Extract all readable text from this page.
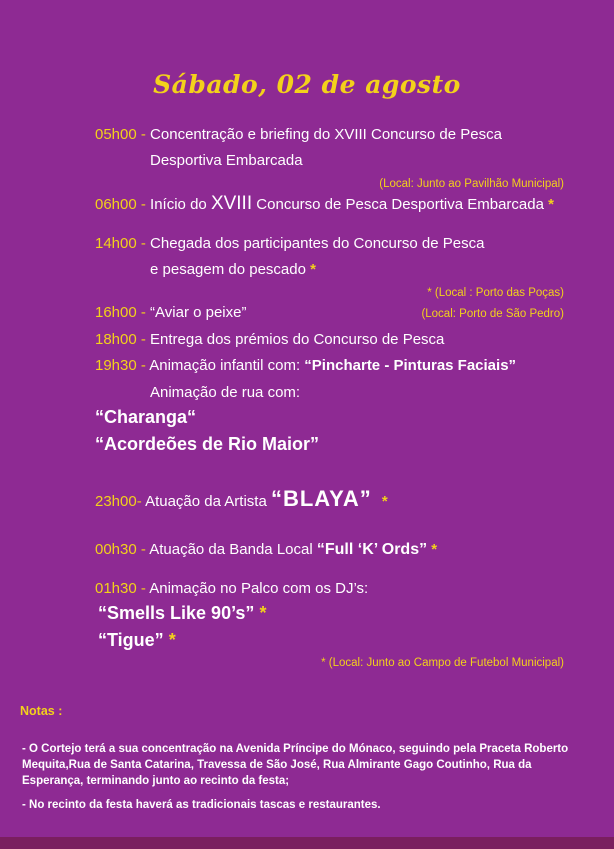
Sábado, 02 de agosto
05h00 - Concentração e briefing do XVIII Concurso de Pesca
Desportiva Embarcada
(Local: Junto ao Pavilhão Municipal)
06h00 - Início do XVIII Concurso de Pesca Desportiva Embarcada *
14h00 - Chegada dos participantes do Concurso de Pesca
e pesagem do pescado *
* (Local : Porto das Poças)
16h00 - “Aviar o peixe”	(Local: Porto de São Pedro)
18h00 - Entrega dos prémios do Concurso de Pesca
19h30 - Animação infantil com: “Pincharte - Pinturas Faciais”
Animação de rua com:
“Charanga“
“Acordeões de Rio Maior”
23h00- Atuação da Artista “BLAYA” *
00h30 - Atuação da Banda Local “Full ‘K’ Ords” *
01h30 - Animação no Palco com os DJ’s:
“Smells Like 90’s” *
“Tigue” *
* (Local: Junto ao Campo de Futebol Municipal)
Notas :
- O Cortejo terá a sua concentração na Avenida Príncipe do Mónaco, seguindo pela Praceta Roberto Mequita,Rua de Santa Catarina, Travessa de São José, Rua Almirante Gago Coutinho, Rua da Esperança, terminando junto ao recinto da festa;
- No recinto da festa haverá as tradicionais tascas e restaurantes.
